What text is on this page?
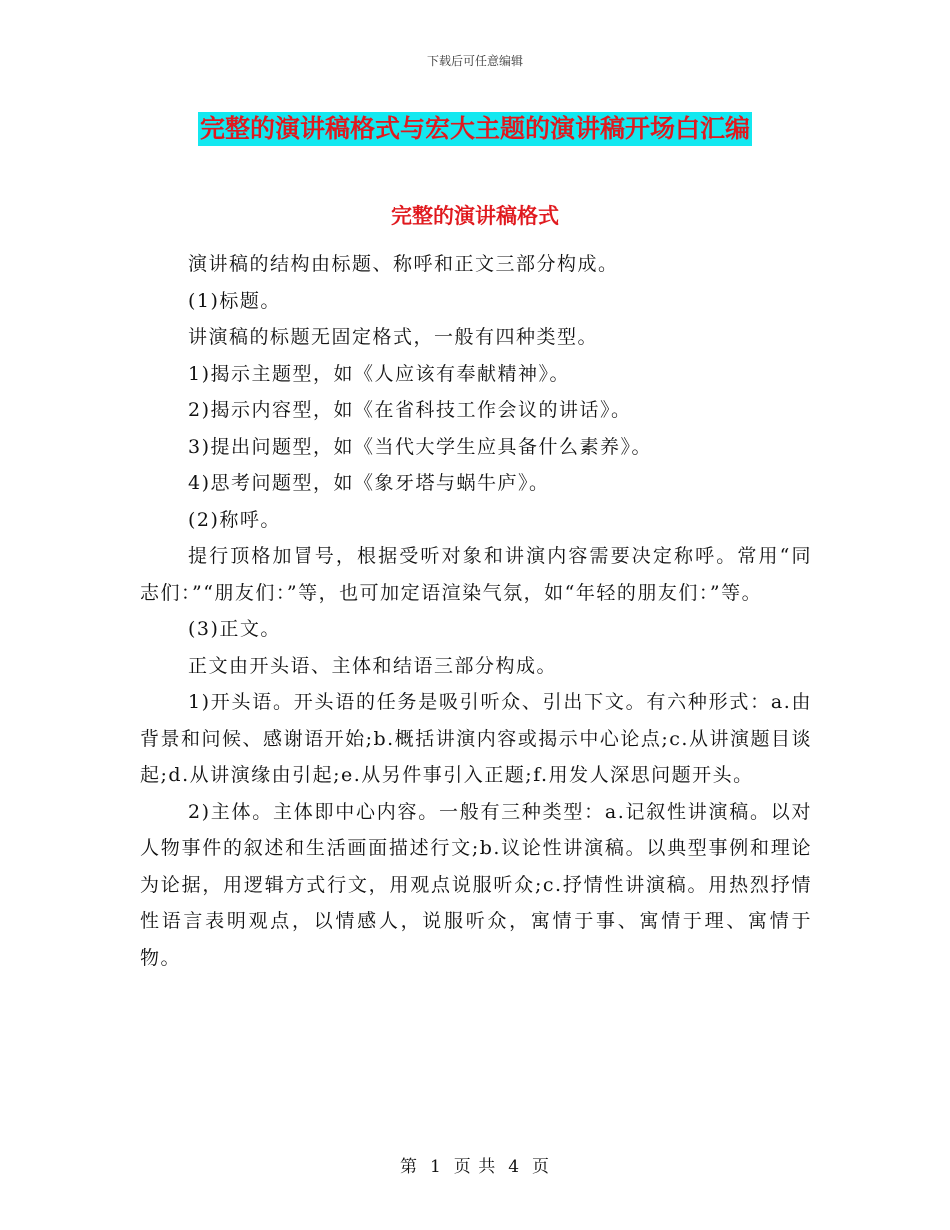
下载后可任意编辑
完整的演讲稿格式与宏大主题的演讲稿开场白汇编
完整的演讲稿格式

演讲稿的结构由标题、称呼和正文三部分构成。

(1)标题。

讲演稿的标题无固定格式，一般有四种类型。

1)揭示主题型，如《人应该有奉献精神》。

2)揭示内容型，如《在省科技工作会议的讲话》。

3)提出问题型，如《当代大学生应具备什么素养》。

4)思考问题型，如《象牙塔与蜗牛庐》。

(2)称呼。

提行顶格加冒号，根据受听对象和讲演内容需要决定称呼。常用“同志们：”“朋友们：”等，也可加定语渲染气氛，如“年轻的朋友们：”等。

(3)正文。

正文由开头语、主体和结语三部分构成。

1)开头语。开头语的任务是吸引听众、引出下文。有六种形式：a.由背景和问候、感谢语开始;b.概括讲演内容或揭示中心论点;c.从讲演题目谈起;d.从讲演缘由引起;e.从另件事引入正题;f.用发人深思问题开头。

2)主体。主体即中心内容。一般有三种类型：a.记叙性讲演稿。以对人物事件的叙述和生活画面描述行文;b.议论性讲演稿。以典型事例和理论为论据，用逻辑方式行文，用观点说服听众;c.抒情性讲演稿。用热烈抒情性语言表明观点，以情感人，说服听众，寓情于事、寓情于理、寓情于物。

第 1 页 共 4 页
